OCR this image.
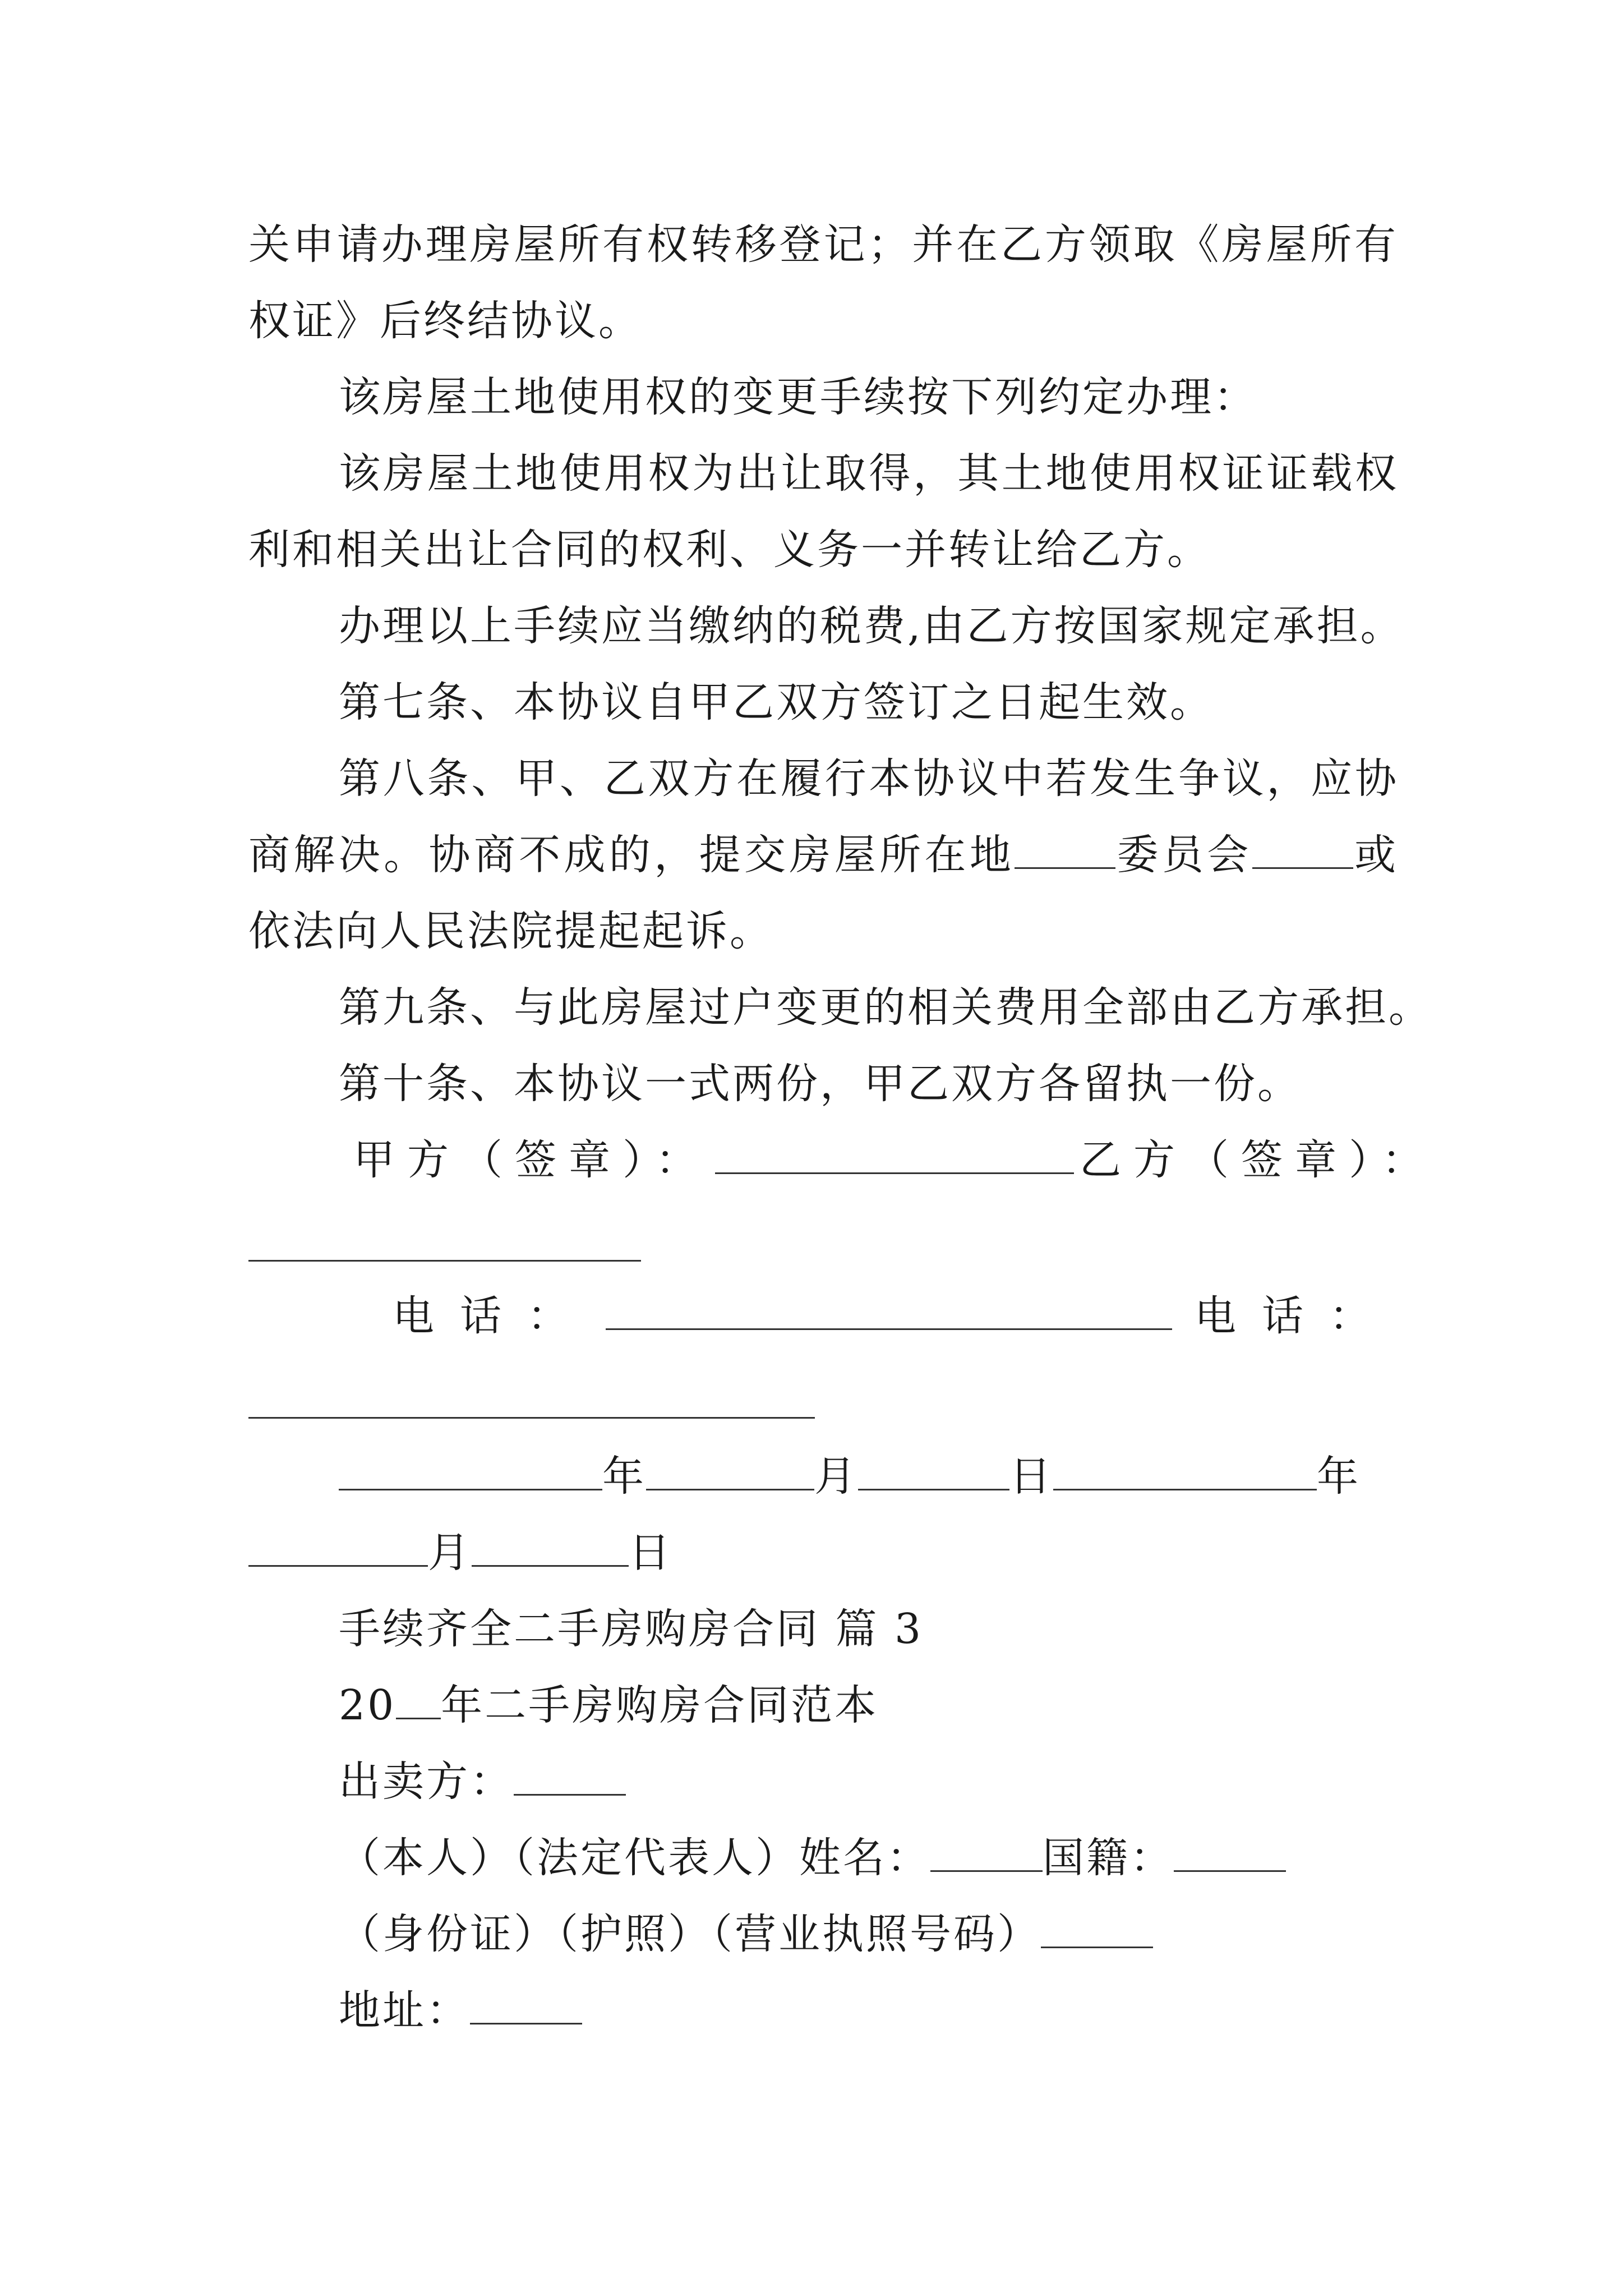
关申请办理房屋所有权转移登记；并在乙方领取《房屋所有
权证》后终结协议。
该房屋土地使用权的变更手续按下列约定办理：
该房屋土地使用权为出让取得，其土地使用权证证载权
利和相关出让合同的权利、义务一并转让给乙方。
办理以上手续应当缴纳的税费,由乙方按国家规定承担。
第七条、本协议自甲乙双方签订之日起生效。
第八条、甲、乙双方在履行本协议中若发生争议，应协
商解决。协商不成的，提交房屋所在地 委员会 或
依法向人民法院提起起诉。
第九条、与此房屋过户变更的相关费用全部由乙方承担。
第十条、本协议一式两份，甲乙双方各留执一份。
甲方（签章）：	乙方（签章）：
电话：	电话：
年	月	日	年
月	日
手续齐全二手房购房合同 篇 3
20 年二手房购房合同范本
出卖方：
（本人）（法定代表人）姓名：	国籍：
（身份证）（护照）（营业执照号码）
地址：
